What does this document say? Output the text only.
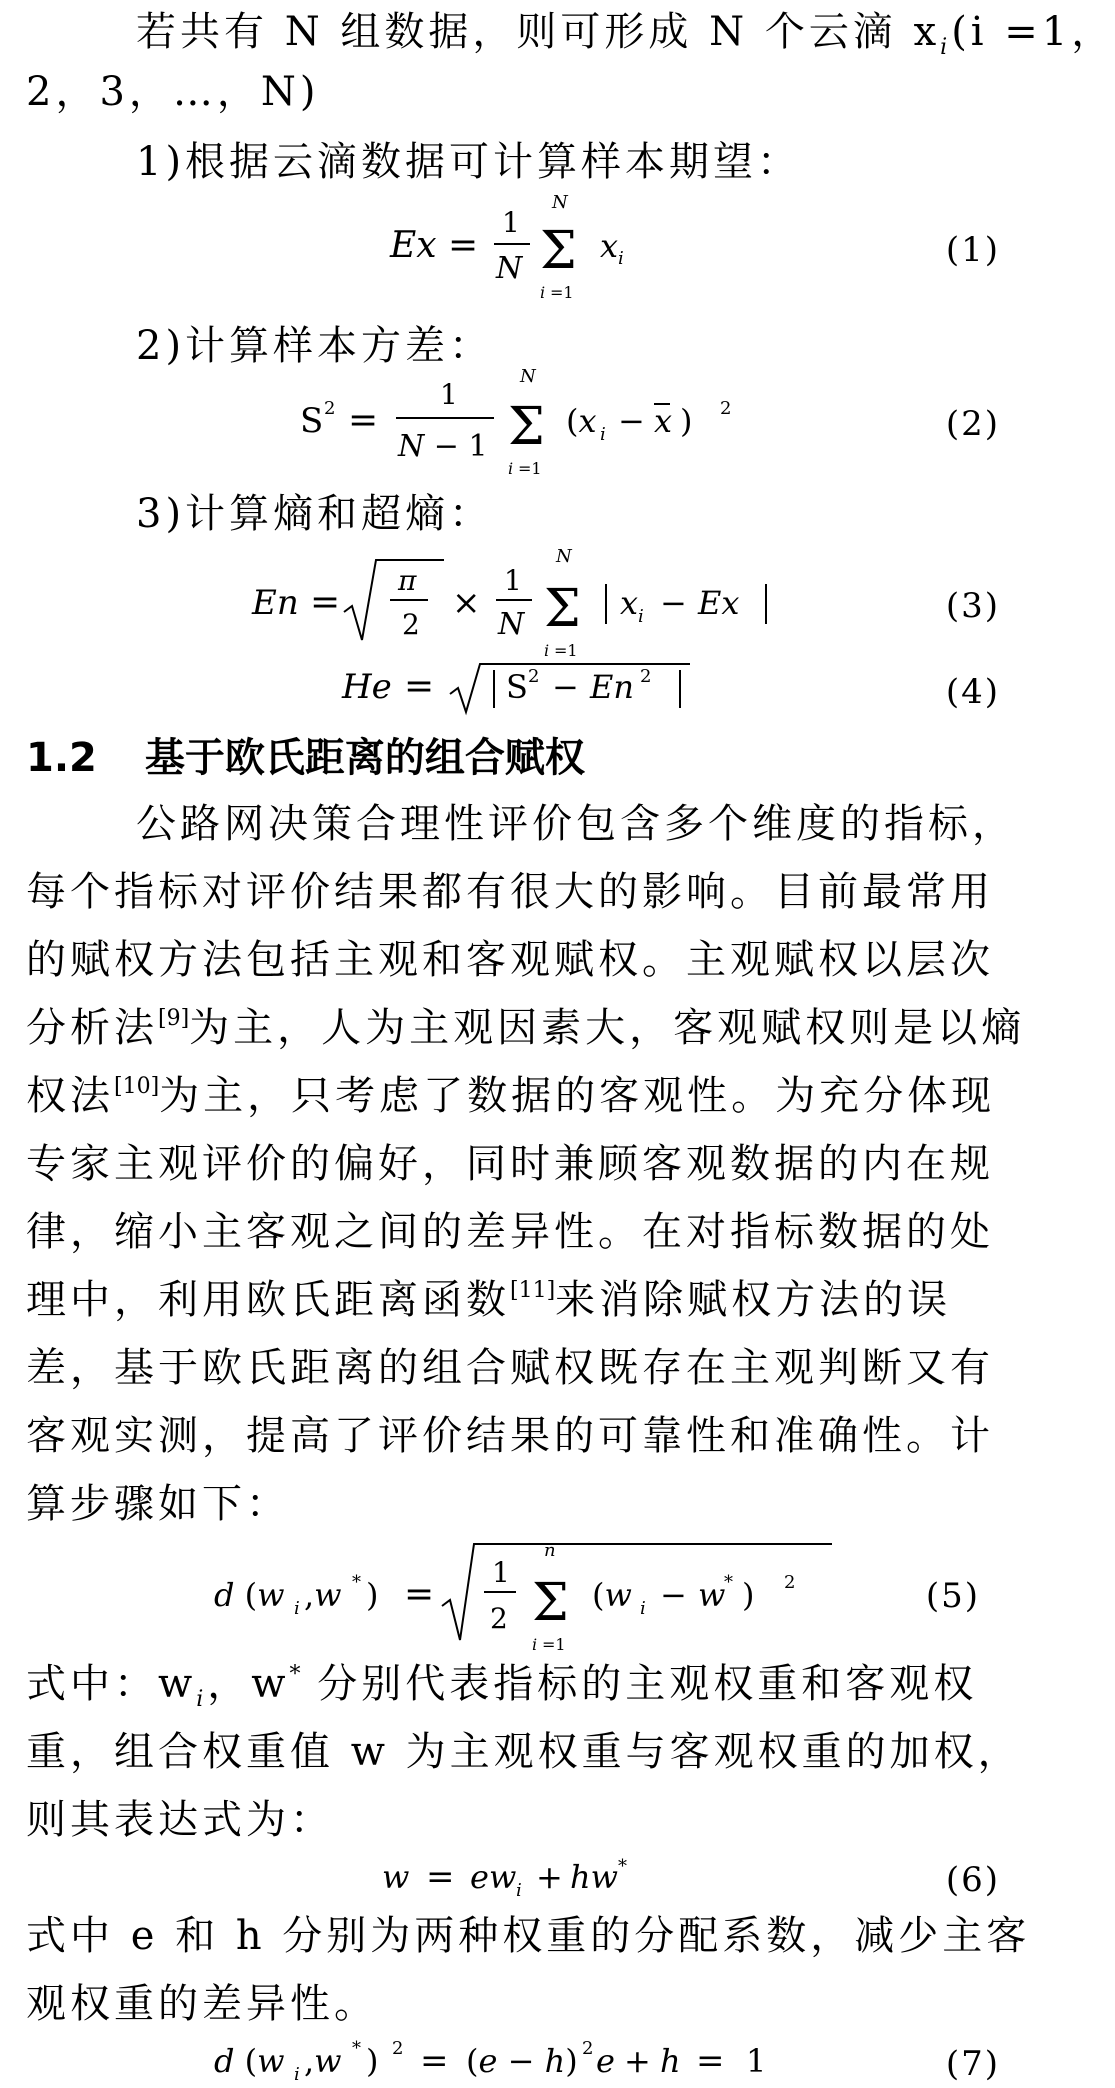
若共有 N 组数据，则可形成 N 个云滴 $x_i(i =1$，
2，3，…，N)
1)根据云滴数据可计算样本期望：
Ex =
1
N
N
Σ
i =1
x i	(1)
2)计算样本方差：
S 2 =
1
N − 1
N
Σ
i =1
(x i − x ) 2	(2)
3)计算熵和超熵：
En =
π
2
×
1
N
N
Σ
i =1
x i − Ex	(3)
He = S 2 − En 2	(4)
1.2 基于欧氏距离的组合赋权
公路网决策合理性评价包含多个维度的指标，
每个指标对评价结果都有很大的影响。目前最常用
的赋权方法包括主观和客观赋权。主观赋权以层次
分析法[9]为主，人为主观因素大，客观赋权则是以熵
权法[10]为主，只考虑了数据的客观性。为充分体现
专家主观评价的偏好，同时兼顾客观数据的内在规
律，缩小主客观之间的差异性。在对指标数据的处
理中，利用欧氏距离函数[11]来消除赋权方法的误
差，基于欧氏距离的组合赋权既存在主观判断又有
客观实测，提高了评价结果的可靠性和准确性。计
算步骤如下：
d (w i ,w * ) =
1
2
n
Σ
i =1
(w i − w
* ) 2	(5)
式中：$w_i$，w* 分别代表指标的主观权重和客观权
重，组合权重值 w 为主观权重与客观权重的加权，
则其表达式为：
w = ew i + hw *	(6)
式中 e 和 h 分别为两种权重的分配系数，减少主客
观权重的差异性。
d (w i ,w * ) 2 = (e − h) 2 e + h = 1	(7)
